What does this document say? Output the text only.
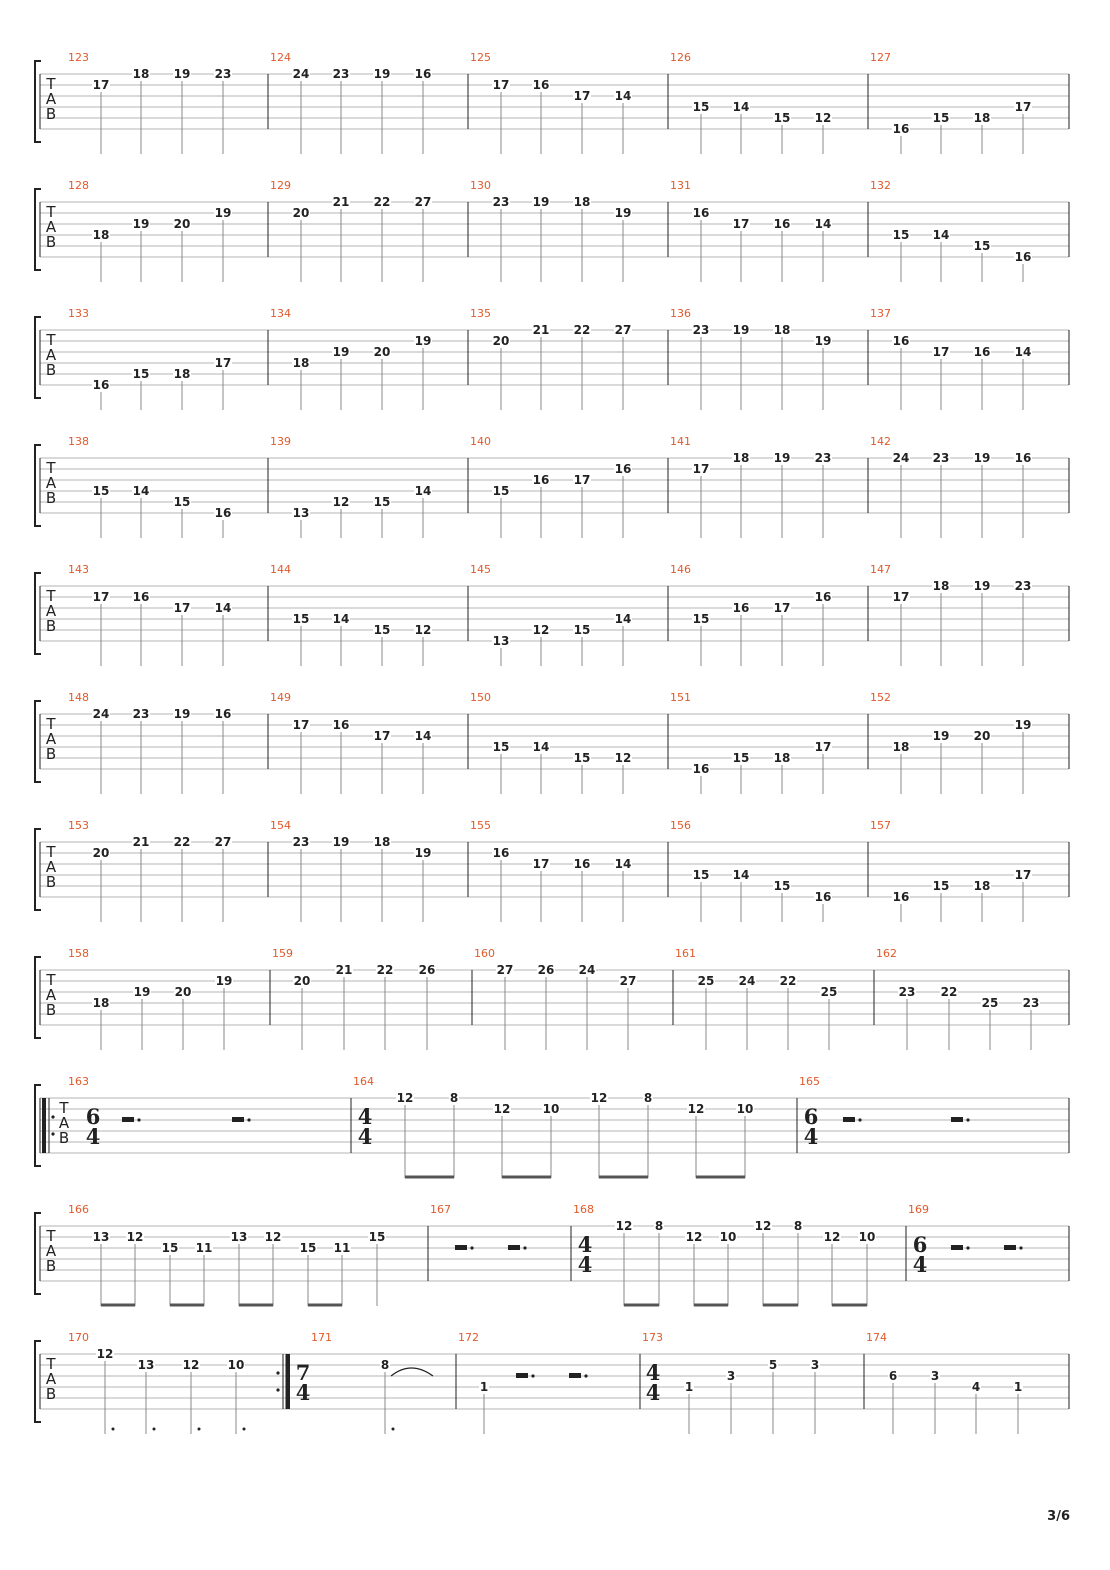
T
A
B
123
17
18 19 23
124
24 23 19 16
125
17 16
17 14
126
15 14
15 12
127
16
15 18
17
T
A
B
128
18
19 20
19
129
20
21 22 27
130
23 19 18
19
131
16
17 16 14
132
15 14
15
16
T
A
B
133
16
15 18
17
134
18
19 20
19
135
20
21 22 27
136
23 19 18
19
137
16
17 16 14
T
A
B
138
15 14
15
16
139
13
12 15
14
140
15
16 17
16
141
17
18 19 23
142
24 23 19 16
T
A
B
143
17 16
17 14
144
15 14
15 12
145
13
12 15
14
146
15
16 17
16
147
17
18 19 23
T
A
B
148
24 23 19 16
149
17 16
17 14
150
15 14
15 12
151
16
15 18
17
152
18
19 20
19
T
A
B
153
20
21 22 27
154
23 19 18
19
155
16
17 16 14
156
15 14
15
16
157
16
15 18
17
T
A
B
158
18
19 20
19
159
20
21 22 26
160
27 26 24
27
161
25 24 22
25
162
23 22
25 23
T
A
B
163
6
4
164
4
4
12	8
12	10
12	8
12	10
165
6
4
T
A
B
166
13 12
15 11
13 12
15 11
15
167	168
4
4
12 8
12 10
12 8
12 10
169
6
4
T
A
B
170
12
13 12 10
171
7
4
8
172
1
173
4
4 1
3
5	3
174
6	3
4	1
3/6
